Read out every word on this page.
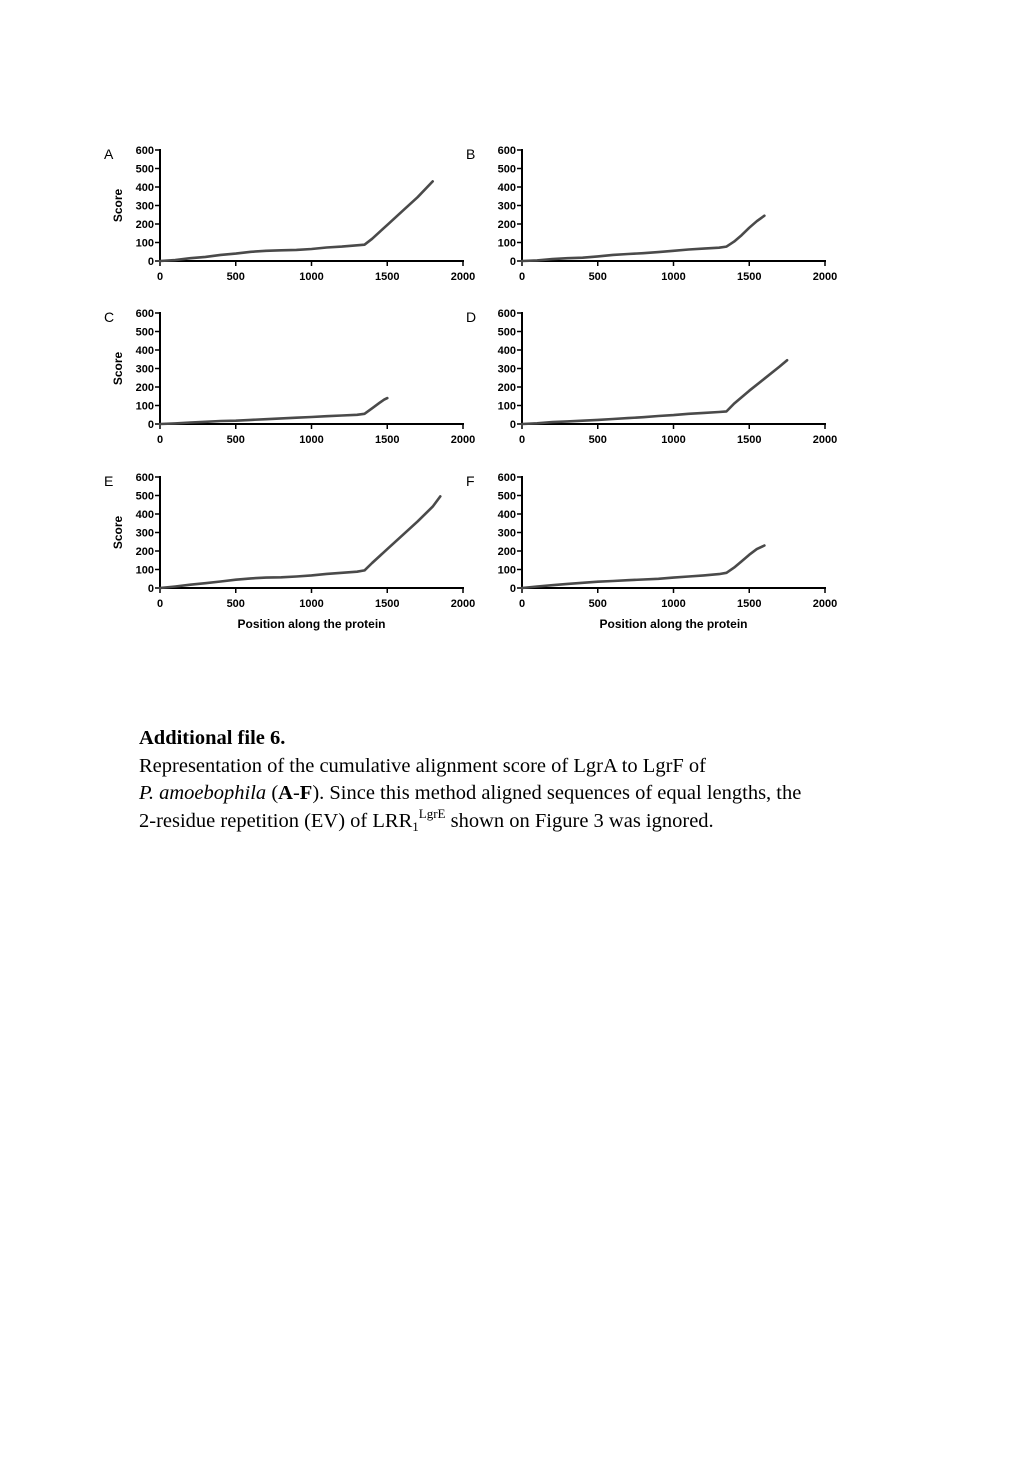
A
0
100
200
300
400
500
600
0	500	1000	1500	2000
Score
B
0
100
200
300
400
500
600
0	500	1000	1500	2000
C
0
100
200
300
400
500
600
0	500	1000	1500	2000
Score
D
0
100
200
300
400
500
600
0	500	1000	1500	2000
E
0
100
200
300
400
500
600
0	500	1000	1500	2000
Score
Position along the protein
F
0
100
200
300
400
500
600
0	500	1000	1500	2000
Position along the protein
Additional file 6.
Representation of the cumulative alignment score of LgrA to LgrF of
P. amoebophila (A-F). Since this method aligned sequences of equal lengths, the
2-residue repetition (EV) of $LRR_1^{LgrE}$ shown on Figure 3 was ignored.
